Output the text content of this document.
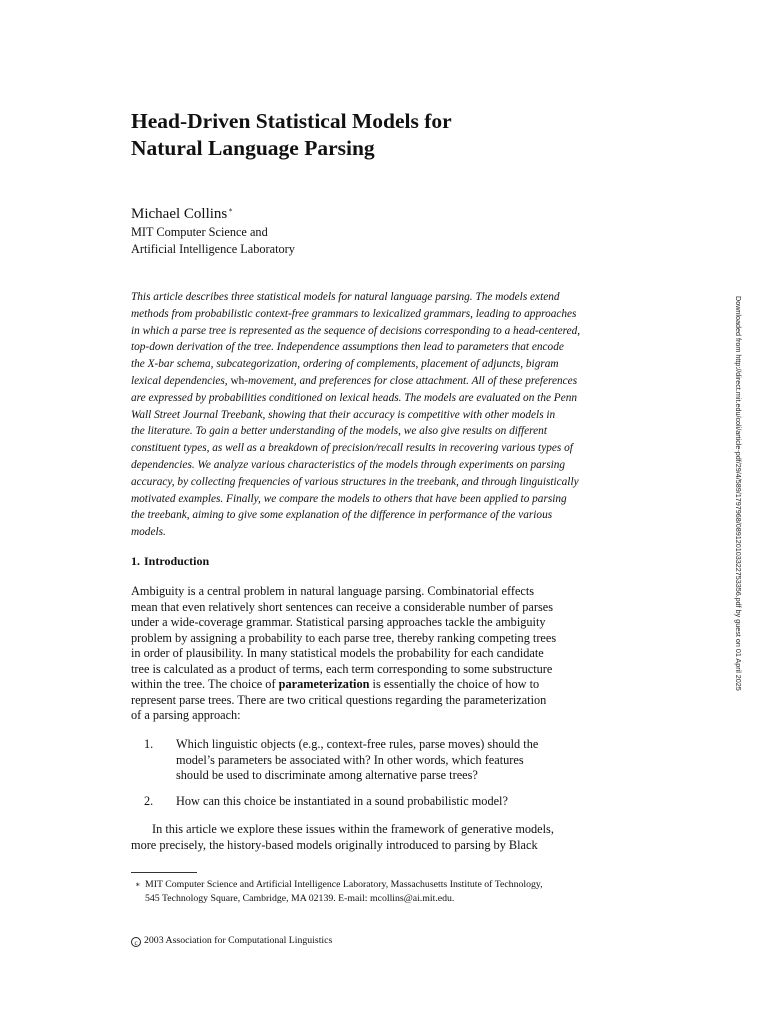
Head-Driven Statistical Models for
Natural Language Parsing
Michael Collins∗
MIT Computer Science and
Artificial Intelligence Laboratory
This article describes three statistical models for natural language parsing. The models extend
methods from probabilistic context-free grammars to lexicalized grammars, leading to approaches
in which a parse tree is represented as the sequence of decisions corresponding to a head-centered,
top-down derivation of the tree. Independence assumptions then lead to parameters that encode
the X-bar schema, subcategorization, ordering of complements, placement of adjuncts, bigram
lexical dependencies, wh-movement, and preferences for close attachment. All of these preferences
are expressed by probabilities conditioned on lexical heads. The models are evaluated on the Penn
Wall Street Journal Treebank, showing that their accuracy is competitive with other models in
the literature. To gain a better understanding of the models, we also give results on different
constituent types, as well as a breakdown of precision/recall results in recovering various types of
dependencies. We analyze various characteristics of the models through experiments on parsing
accuracy, by collecting frequencies of various structures in the treebank, and through linguistically
motivated examples. Finally, we compare the models to others that have been applied to parsing
the treebank, aiming to give some explanation of the difference in performance of the various
models.
1. Introduction
Ambiguity is a central problem in natural language parsing. Combinatorial effects
mean that even relatively short sentences can receive a considerable number of parses
under a wide-coverage grammar. Statistical parsing approaches tackle the ambiguity
problem by assigning a probability to each parse tree, thereby ranking competing trees
in order of plausibility. In many statistical models the probability for each candidate
tree is calculated as a product of terms, each term corresponding to some substructure
within the tree. The choice of parameterization is essentially the choice of how to
represent parse trees. There are two critical questions regarding the parameterization
of a parsing approach:
1. Which linguistic objects (e.g., context-free rules, parse moves) should the
model’s parameters be associated with? In other words, which features
should be used to discriminate among alternative parse trees?
2. How can this choice be instantiated in a sound probabilistic model?
In this article we explore these issues within the framework of generative models,
more precisely, the history-based models originally introduced to parsing by Black
∗ MIT Computer Science and Artificial Intelligence Laboratory, Massachusetts Institute of Technology,
545 Technology Square, Cambridge, MA 02139. E-mail: mcollins@ai.mit.edu.
c 2003 Association for Computational Linguistics
Downloaded from http://direct.mit.edu/coli/article-pdf/29/4/589/1797968/089120103322753356.pdf by guest on 01 April 2025
